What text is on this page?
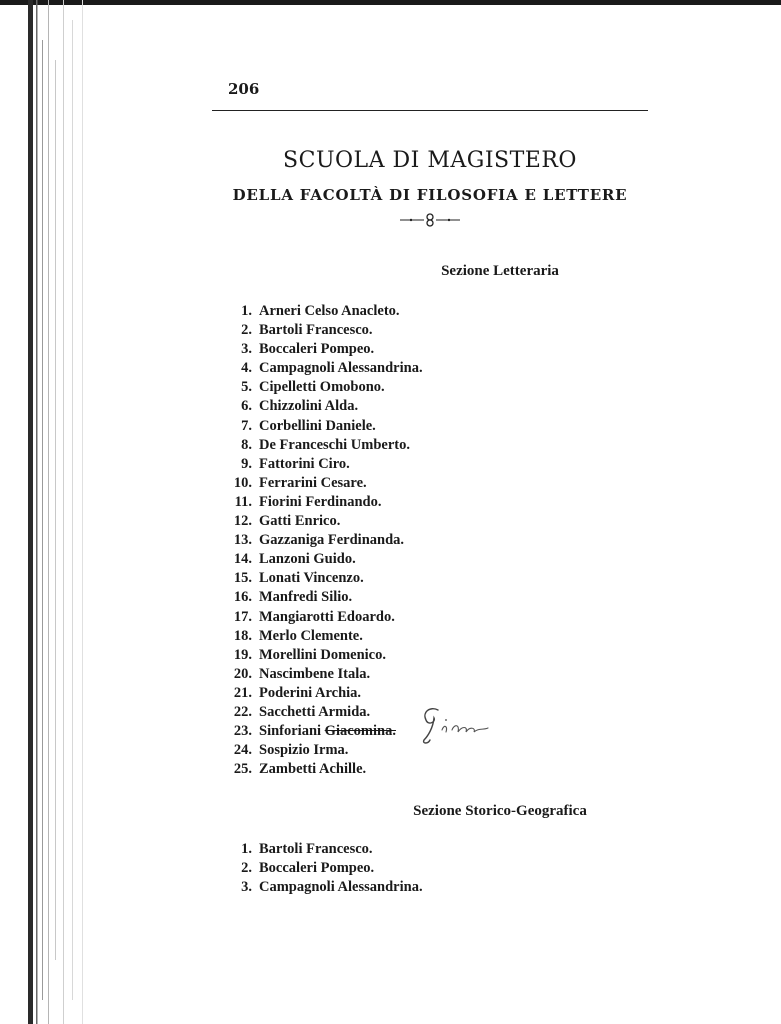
206
SCUOLA DI MAGISTERO
DELLA FACOLTÀ DI FILOSOFIA E LETTERE
Sezione Letteraria
1. Arneri Celso Anacleto.
2. Bartoli Francesco.
3. Boccaleri Pompeo.
4. Campagnoli Alessandrina.
5. Cipelletti Omobono.
6. Chizzolini Alda.
7. Corbellini Daniele.
8. De Franceschi Umberto.
9. Fattorini Ciro.
10. Ferrarini Cesare.
11. Fiorini Ferdinando.
12. Gatti Enrico.
13. Gazzaniga Ferdinanda.
14. Lanzoni Guido.
15. Lonati Vincenzo.
16. Manfredi Silio.
17. Mangiarotti Edoardo.
18. Merlo Clemente.
19. Morellini Domenico.
20. Nascimbene Itala.
21. Poderini Archia.
22. Sacchetti Armida.
23. Sinforiani Giacomina.
24. Sospizio Irma.
25. Zambetti Achille.
Sezione Storico-Geografica
1. Bartoli Francesco.
2. Boccaleri Pompeo.
3. Campagnoli Alessandrina.
